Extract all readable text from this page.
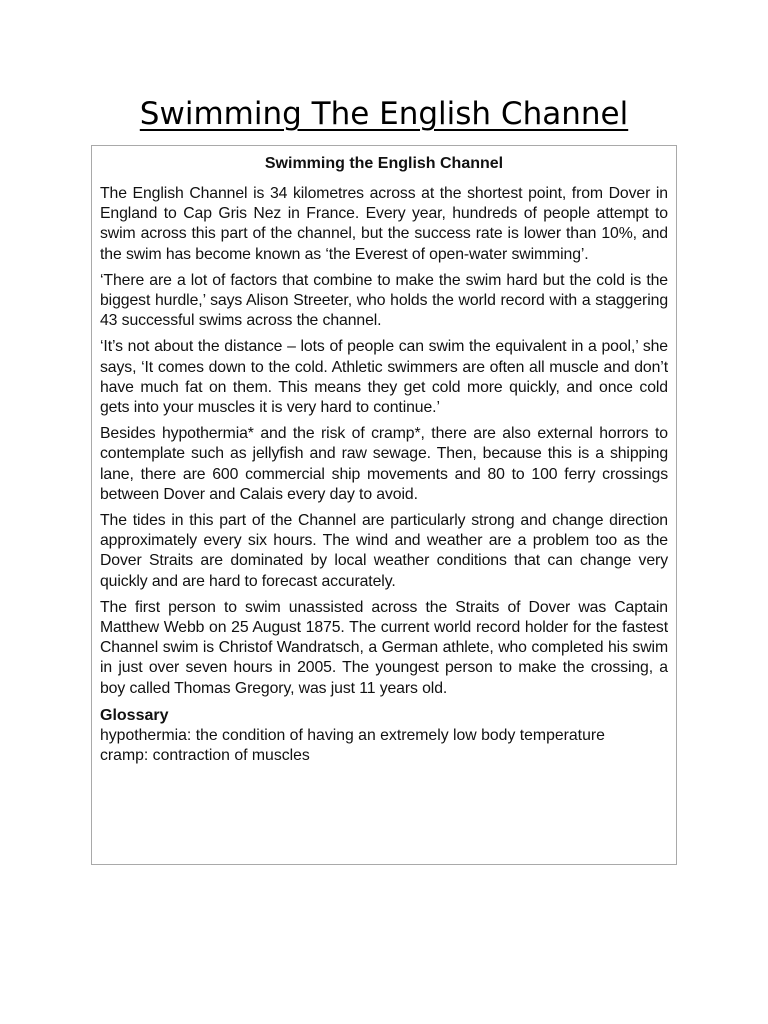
Swimming The English Channel
Swimming the English Channel

The English Channel is 34 kilometres across at the shortest point, from Dover in England to Cap Gris Nez in France. Every year, hundreds of people attempt to swim across this part of the channel, but the success rate is lower than 10%, and the swim has become known as ‘the Everest of open-water swimming’.

‘There are a lot of factors that combine to make the swim hard but the cold is the biggest hurdle,’ says Alison Streeter, who holds the world record with a staggering 43 successful swims across the channel.

‘It’s not about the distance – lots of people can swim the equivalent in a pool,’ she says, ‘It comes down to the cold. Athletic swimmers are often all muscle and don’t have much fat on them. This means they get cold more quickly, and once cold gets into your muscles it is very hard to continue.’

Besides hypothermia* and the risk of cramp*, there are also external horrors to contemplate such as jellyfish and raw sewage. Then, because this is a shipping lane, there are 600 commercial ship movements and 80 to 100 ferry crossings between Dover and Calais every day to avoid.

The tides in this part of the Channel are particularly strong and change direction approximately every six hours. The wind and weather are a problem too as the Dover Straits are dominated by local weather conditions that can change very quickly and are hard to forecast accurately.

The first person to swim unassisted across the Straits of Dover was Captain Matthew Webb on 25 August 1875. The current world record holder for the fastest Channel swim is Christof Wandratsch, a German athlete, who completed his swim in just over seven hours in 2005. The youngest person to make the crossing, a boy called Thomas Gregory, was just 11 years old.

Glossary
hypothermia: the condition of having an extremely low body temperature
cramp: contraction of muscles
